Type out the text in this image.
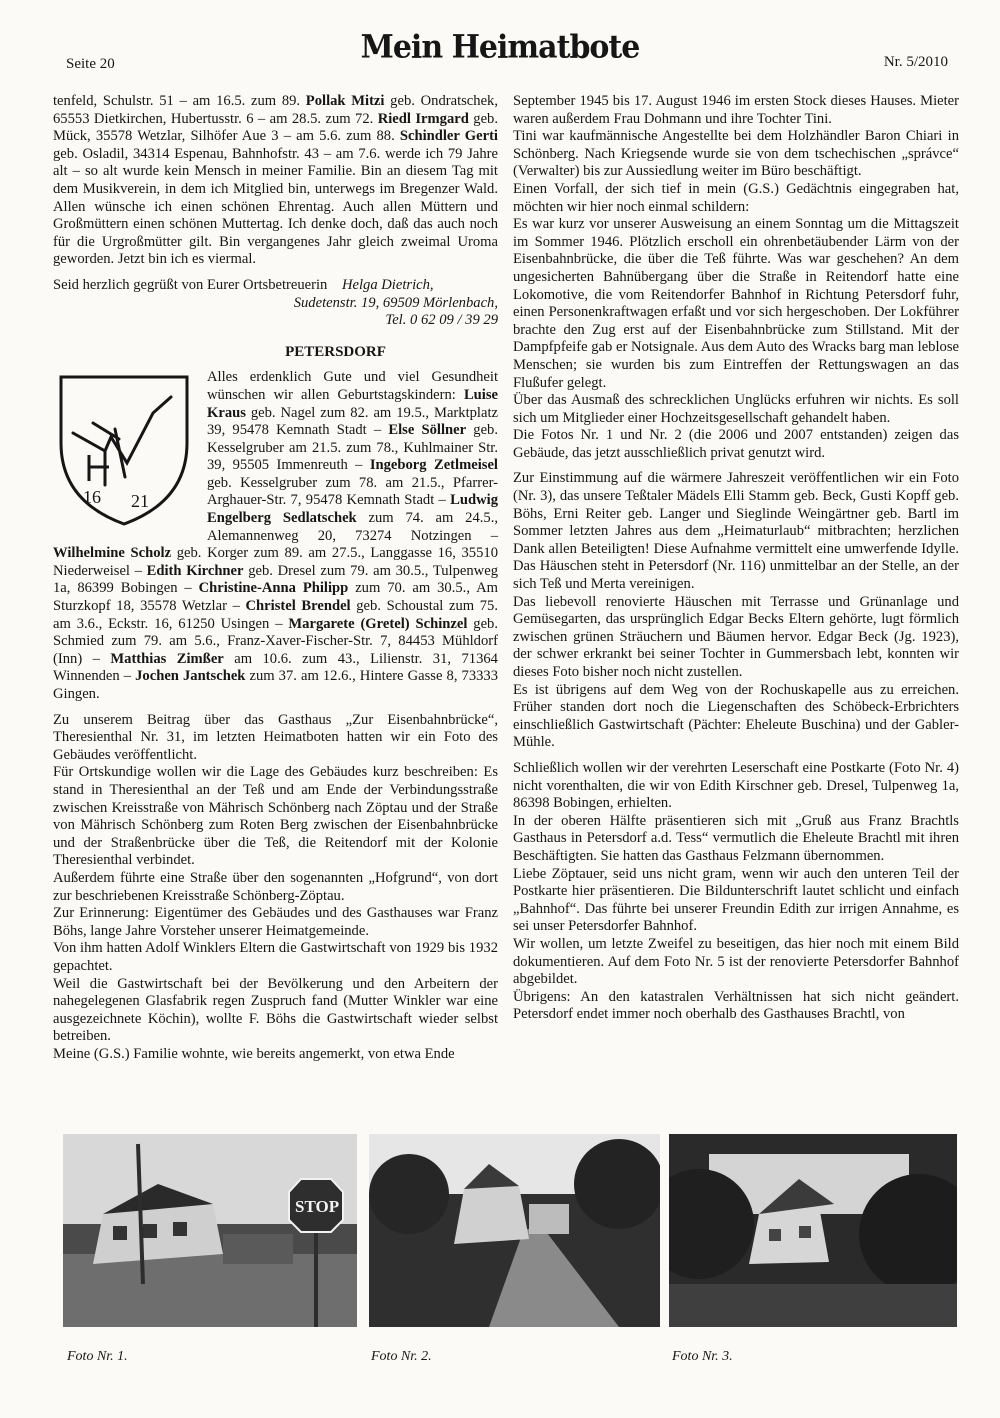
Seite 20	Mein Heimatbote	Nr. 5/2010

tenfeld, Schulstr. 51 – am 16.5. zum 89. Pollak Mitzi geb. Ondratschek, 65553 Dietkirchen, Hubertusstr. 6 – am 28.5. zum 72. Riedl Irmgard geb. Mück, 35578 Wetzlar, Silhöfer Aue 3 – am 5.6. zum 88. Schindler Gerti geb. Osladil, 34314 Espenau, Bahnhofstr. 43 – am 7.6. werde ich 79 Jahre alt – so alt wurde kein Mensch in meiner Familie. Bin an diesem Tag mit dem Musikverein, in dem ich Mitglied bin, unterwegs im Bregenzer Wald. Allen wünsche ich einen schönen Ehrentag. Auch allen Müttern und Großmüttern einen schönen Muttertag. Ich denke doch, daß das auch noch für die Urgroßmütter gilt. Bin vergangenes Jahr gleich zweimal Uroma geworden. Jetzt bin ich es viermal.

Seid herzlich gegrüßt von Eurer Ortsbetreuerin Helga Dietrich,

Sudetenstr. 19, 69509 Mörlenbach,

Tel. 0 62 09 / 39 29

PETERSDORF
16 21

Alles erdenklich Gute und viel Gesundheit wünschen wir allen Geburtstagskindern: Luise Kraus geb. Nagel zum 82. am 19.5., Marktplatz 39, 95478 Kemnath Stadt – Else Söllner geb. Kesselgruber am 21.5. zum 78., Kuhlmainer Str. 39, 95505 Immenreuth – Ingeborg Zetlmeisel geb. Kesselgruber zum 78. am 21.5., Pfarrer-Arghauer-Str. 7, 95478 Kemnath Stadt – Ludwig Engelberg Sedlatschek zum 74. am 24.5., Alemannenweg 20, 73274 Notzingen – Wilhelmine Scholz geb. Korger zum 89. am 27.5., Langgasse 16, 35510 Niederweisel – Edith Kirchner geb. Dresel zum 79. am 30.5., Tulpenweg 1a, 86399 Bobingen – Christine-Anna Philipp zum 70. am 30.5., Am Sturzkopf 18, 35578 Wetzlar – Christel Brendel geb. Schoustal zum 75. am 3.6., Eckstr. 16, 61250 Usingen – Margarete (Gretel) Schinzel geb. Schmied zum 79. am 5.6., Franz-Xaver-Fischer-Str. 7, 84453 Mühldorf (Inn) – Matthias Zimßer am 10.6. zum 43., Lilienstr. 31, 71364 Winnenden – Jochen Jantschek zum 37. am 12.6., Hintere Gasse 8, 73333 Gingen.

Zu unserem Beitrag über das Gasthaus „Zur Eisenbahnbrücke“, Theresienthal Nr. 31, im letzten Heimatboten hatten wir ein Foto des Gebäudes veröffentlicht.

Für Ortskundige wollen wir die Lage des Gebäudes kurz beschreiben: Es stand in Theresienthal an der Teß und am Ende der Verbindungsstraße zwischen Kreisstraße von Mährisch Schönberg nach Zöptau und der Straße von Mährisch Schönberg zum Roten Berg zwischen der Eisenbahnbrücke und der Straßenbrücke über die Teß, die Reitendorf mit der Kolonie Theresienthal verbindet.

Außerdem führte eine Straße über den sogenannten „Hofgrund“, von dort zur beschriebenen Kreisstraße Schönberg-Zöptau.

Zur Erinnerung: Eigentümer des Gebäudes und des Gasthauses war Franz Böhs, lange Jahre Vorsteher unserer Heimatgemeinde.

Von ihm hatten Adolf Winklers Eltern die Gastwirtschaft von 1929 bis 1932 gepachtet.

Weil die Gastwirtschaft bei der Bevölkerung und den Arbeitern der nahegelegenen Glasfabrik regen Zuspruch fand (Mutter Winkler war eine ausgezeichnete Köchin), wollte F. Böhs die Gastwirtschaft wieder selbst betreiben.

Meine (G.S.) Familie wohnte, wie bereits angemerkt, von etwa Ende

September 1945 bis 17. August 1946 im ersten Stock dieses Hauses. Mieter waren außerdem Frau Dohmann und ihre Tochter Tini.

Tini war kaufmännische Angestellte bei dem Holzhändler Baron Chiari in Schönberg. Nach Kriegsende wurde sie von dem tschechischen „správce“ (Verwalter) bis zur Aussiedlung weiter im Büro beschäftigt.

Einen Vorfall, der sich tief in mein (G.S.) Gedächtnis eingegraben hat, möchten wir hier noch einmal schildern:

Es war kurz vor unserer Ausweisung an einem Sonntag um die Mittagszeit im Sommer 1946. Plötzlich erscholl ein ohrenbetäubender Lärm von der Eisenbahnbrücke, die über die Teß führte. Was war geschehen? An dem ungesicherten Bahnübergang über die Straße in Reitendorf hatte eine Lokomotive, die vom Reitendorfer Bahnhof in Richtung Petersdorf fuhr, einen Personenkraftwagen erfaßt und vor sich hergeschoben. Der Lokführer brachte den Zug erst auf der Eisenbahnbrücke zum Stillstand. Mit der Dampfpfeife gab er Notsignale. Aus dem Auto des Wracks barg man leblose Menschen; sie wurden bis zum Eintreffen der Rettungswagen an das Flußufer gelegt.

Über das Ausmaß des schrecklichen Unglücks erfuhren wir nichts. Es soll sich um Mitglieder einer Hochzeitsgesellschaft gehandelt haben.

Die Fotos Nr. 1 und Nr. 2 (die 2006 und 2007 entstanden) zeigen das Gebäude, das jetzt ausschließlich privat genutzt wird.

Zur Einstimmung auf die wärmere Jahreszeit veröffentlichen wir ein Foto (Nr. 3), das unsere Teßtaler Mädels Elli Stamm geb. Beck, Gusti Kopff geb. Böhs, Erni Reiter geb. Langer und Sieglinde Weingärtner geb. Bartl im Sommer letzten Jahres aus dem „Heimaturlaub“ mitbrachten; herzlichen Dank allen Beteiligten! Diese Aufnahme vermittelt eine umwerfende Idylle. Das Häuschen steht in Petersdorf (Nr. 116) unmittelbar an der Stelle, an der sich Teß und Merta vereinigen.

Das liebevoll renovierte Häuschen mit Terrasse und Grünanlage und Gemüsegarten, das ursprünglich Edgar Becks Eltern gehörte, lugt förmlich zwischen grünen Sträuchern und Bäumen hervor. Edgar Beck (Jg. 1923), der schwer erkrankt bei seiner Tochter in Gummersbach lebt, konnten wir dieses Foto bisher noch nicht zustellen.

Es ist übrigens auf dem Weg von der Rochuskapelle aus zu erreichen. Früher standen dort noch die Liegenschaften des Schöbeck-Erbrichters einschließlich Gastwirtschaft (Pächter: Eheleute Buschina) und der Gabler-Mühle.

Schließlich wollen wir der verehrten Leserschaft eine Postkarte (Foto Nr. 4) nicht vorenthalten, die wir von Edith Kirschner geb. Dresel, Tulpenweg 1a, 86398 Bobingen, erhielten.

In der oberen Hälfte präsentieren sich mit „Gruß aus Franz Brachtls Gasthaus in Petersdorf a.d. Tess“ vermutlich die Eheleute Brachtl mit ihren Beschäftigten. Sie hatten das Gasthaus Felzmann übernommen.

Liebe Zöptauer, seid uns nicht gram, wenn wir auch den unteren Teil der Postkarte hier präsentieren. Die Bildunterschrift lautet schlicht und einfach „Bahnhof“. Das führte bei unserer Freundin Edith zur irrigen Annahme, es sei unser Petersdorfer Bahnhof.

Wir wollen, um letzte Zweifel zu beseitigen, das hier noch mit einem Bild dokumentieren. Auf dem Foto Nr. 5 ist der renovierte Petersdorfer Bahnhof abgebildet.

Übrigens: An den katastralen Verhältnissen hat sich nicht geändert. Petersdorf endet immer noch oberhalb des Gasthauses Brachtl, von

STOP
Foto Nr. 1.	Foto Nr. 2.	Foto Nr. 3.
